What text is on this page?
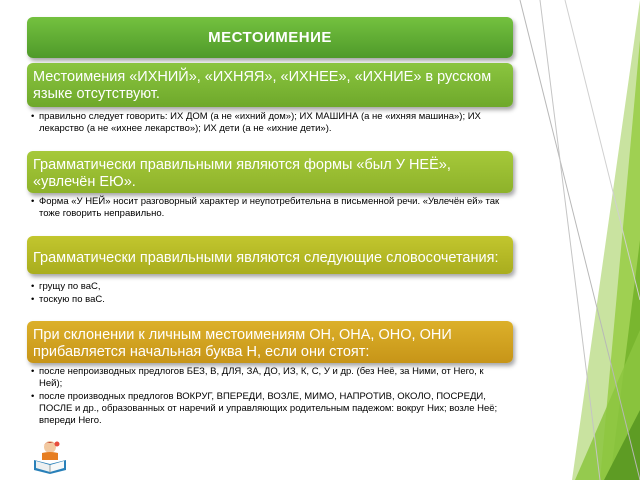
МЕСТОИМЕНИЕ
Местоимения «ИХНИЙ», «ИХНЯЯ», «ИХНЕЕ», «ИХНИЕ» в русском языке отсутствуют.
• правильно следует говорить: ИХ ДОМ (а не «ихний дом»); ИХ МАШИНА (а не «ихняя машина»); ИХ лекарство (а не «ихнее лекарство»); ИХ дети (а не «ихние дети»).
Грамматически правильными являются формы «был У НЕЁ», «увлечён ЕЮ».
• Форма «У НЕЙ» носит разговорный характер и неупотребительна в письменной речи. «Увлечён ей» так тоже говорить неправильно.
Грамматически правильными являются следующие словосочетания:
• грущу по ваС,
• тоскую по ваС.
При склонении к личным местоимениям ОН, ОНА, ОНО, ОНИ прибавляется начальная буква Н, если они стоят:
• после непроизводных предлогов БЕЗ, В, ДЛЯ, ЗА, ДО, ИЗ, К, С, У и др. (без Неё, за Ними, от Него, к Ней);
• после производных предлогов ВОКРУГ, ВПЕРЕДИ, ВОЗЛЕ, МИМО, НАПРОТИВ, ОКОЛО, ПОСРЕДИ, ПОСЛЕ и др., образованных от наречий и управляющих родительным падежом: вокруг Них; возле Неё; впереди Него.
